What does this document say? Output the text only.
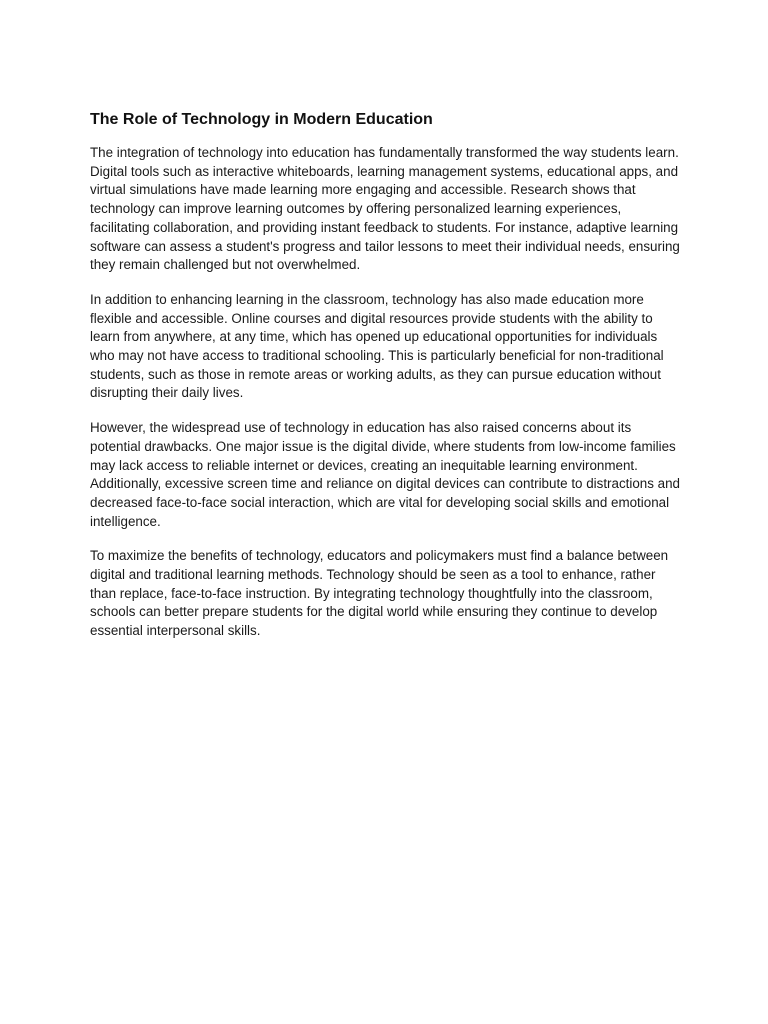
The Role of Technology in Modern Education

The integration of technology into education has fundamentally transformed the way students learn. Digital tools such as interactive whiteboards, learning management systems, educational apps, and virtual simulations have made learning more engaging and accessible. Research shows that technology can improve learning outcomes by offering personalized learning experiences, facilitating collaboration, and providing instant feedback to students. For instance, adaptive learning software can assess a student's progress and tailor lessons to meet their individual needs, ensuring they remain challenged but not overwhelmed.

In addition to enhancing learning in the classroom, technology has also made education more flexible and accessible. Online courses and digital resources provide students with the ability to learn from anywhere, at any time, which has opened up educational opportunities for individuals who may not have access to traditional schooling. This is particularly beneficial for non-traditional students, such as those in remote areas or working adults, as they can pursue education without disrupting their daily lives.

However, the widespread use of technology in education has also raised concerns about its potential drawbacks. One major issue is the digital divide, where students from low-income families may lack access to reliable internet or devices, creating an inequitable learning environment. Additionally, excessive screen time and reliance on digital devices can contribute to distractions and decreased face-to-face social interaction, which are vital for developing social skills and emotional intelligence.

To maximize the benefits of technology, educators and policymakers must find a balance between digital and traditional learning methods. Technology should be seen as a tool to enhance, rather than replace, face-to-face instruction. By integrating technology thoughtfully into the classroom, schools can better prepare students for the digital world while ensuring they continue to develop essential interpersonal skills.
